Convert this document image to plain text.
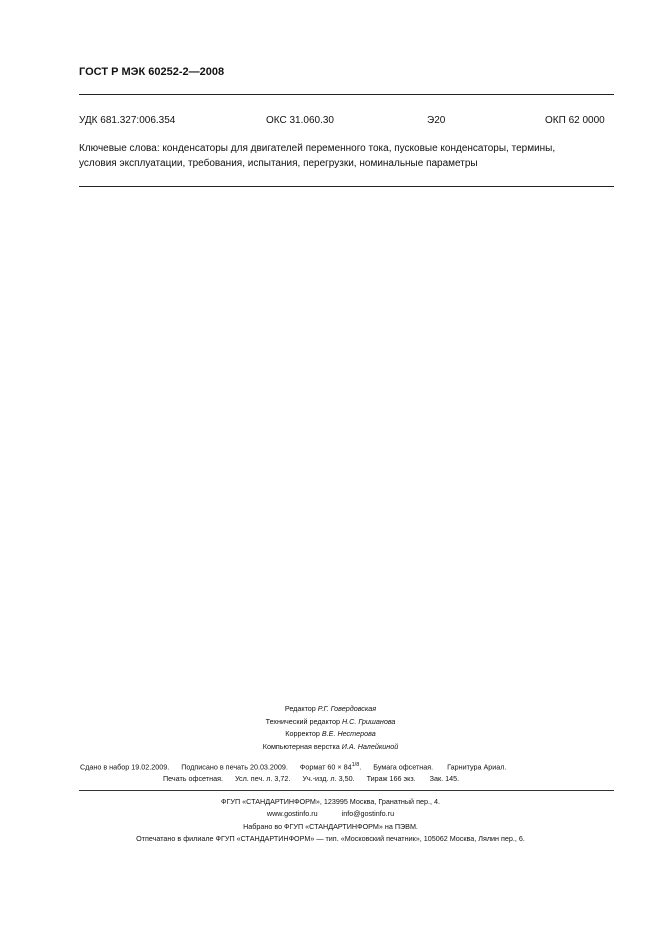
ГОСТ Р МЭК 60252-2—2008
УДК 681.327:006.354	ОКС 31.060.30	Э20	ОКП 62 0000
Ключевые слова: конденсаторы для двигателей переменного тока, пусковые конденсаторы, термины,
условия эксплуатации, требования, испытания, перегрузки, номинальные параметры
Редактор Р.Г. Говердовская
Технический редактор Н.С. Гришанова
Корректор В.Е. Нестерова
Компьютерная верстка И.А. Налейкиной
Сдано в набор 19.02.2009. Подписано в печать 20.03.2009. Формат $60 \times 84^{1/8}$.      Бумага офсетная. Гарнитура Ариал.
Печать офсетная. Усл. печ. л. 3,72. Уч.-изд. л. 3,50. Тираж 166 экз. Зак. 145.
ФГУП «СТАНДАРТИНФОРМ», 123995 Москва, Гранатный пер., 4.
www.gostinfo.ru	info@gostinfo.ru
Набрано во ФГУП «СТАНДАРТИНФОРМ» на ПЭВМ.
Отпечатано в филиале ФГУП «СТАНДАРТИНФОРМ» — тип. «Московский печатник», 105062 Москва, Лялин пер., 6.
